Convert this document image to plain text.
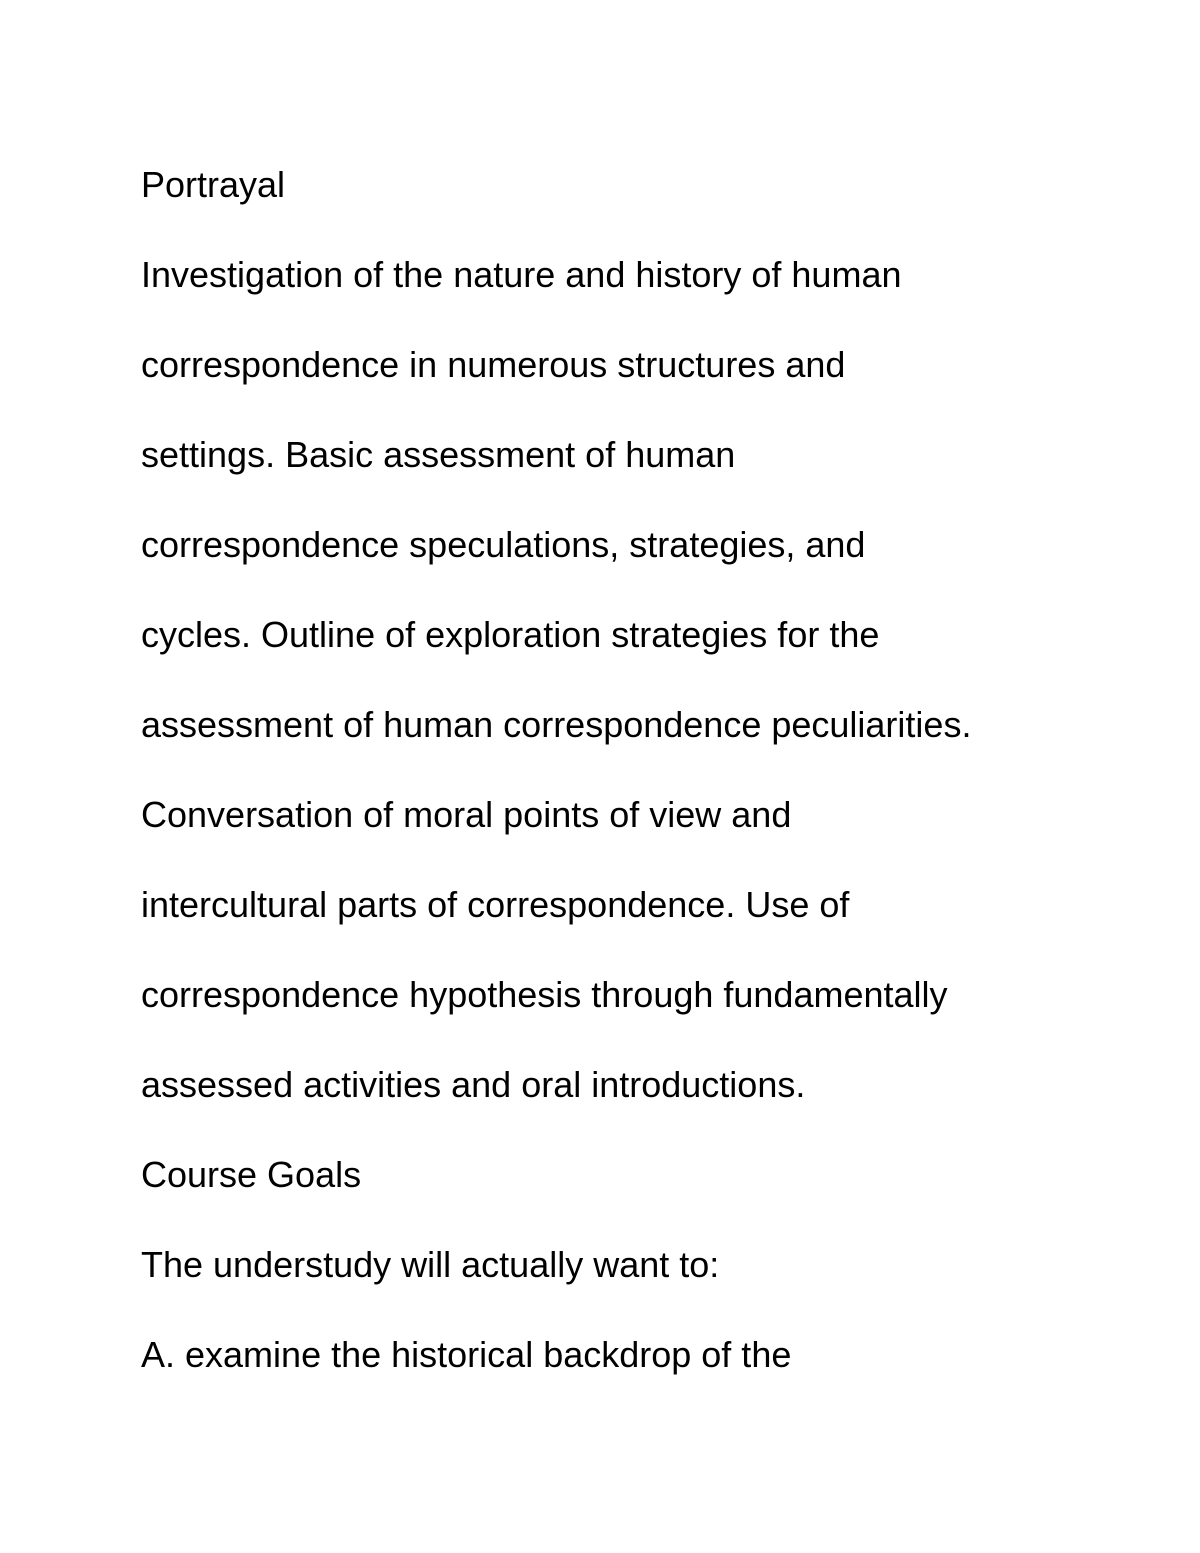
Portrayal
Investigation of the nature and history of human
correspondence in numerous structures and
settings. Basic assessment of human
correspondence speculations, strategies, and
cycles. Outline of exploration strategies for the
assessment of human correspondence peculiarities.
Conversation of moral points of view and
intercultural parts of correspondence. Use of
correspondence hypothesis through fundamentally
assessed activities and oral introductions.
Course Goals
The understudy will actually want to:
A. examine the historical backdrop of the
